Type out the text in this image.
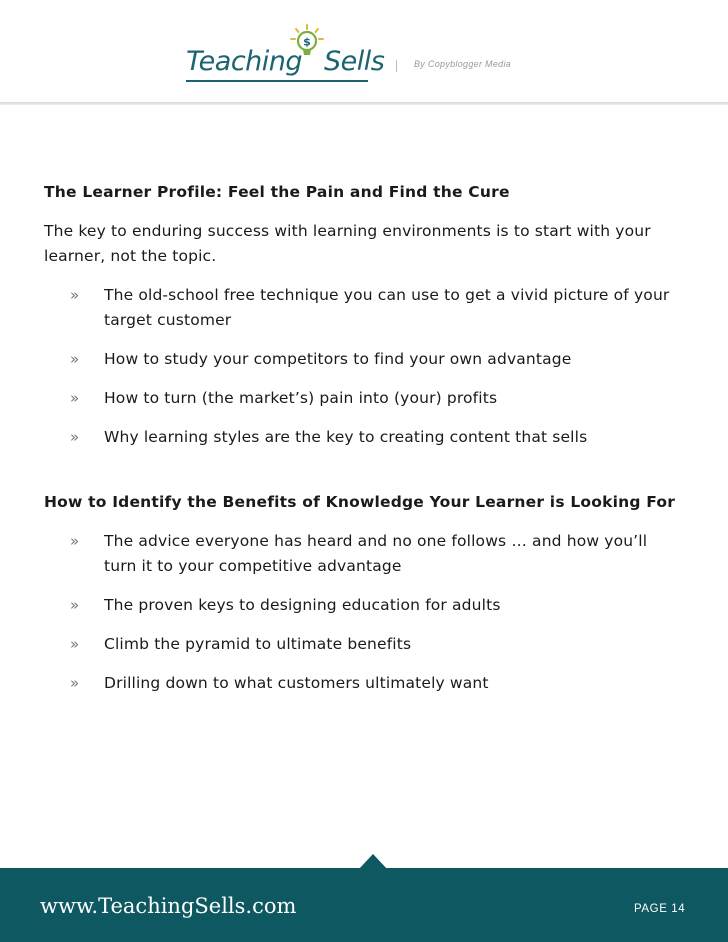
$
Teaching Sells	By Copyblogger Media
The Learner Profile: Feel the Pain and Find the Cure

The key to enduring success with learning environments is to start with your learner, not the topic.

» The old-school free technique you can use to get a vivid picture of your target customer
» How to study your competitors to find your own advantage
» How to turn (the market’s) pain into (your) profits
» Why learning styles are the key to creating content that sells
How to Identify the Benefits of Knowledge Your Learner is Looking For
» The advice everyone has heard and no one follows … and how you’ll turn it to your competitive advantage
» The proven keys to designing education for adults
» Climb the pyramid to ultimate benefits
» Drilling down to what customers ultimately want
www.TeachingSells.com	PAGE 14
